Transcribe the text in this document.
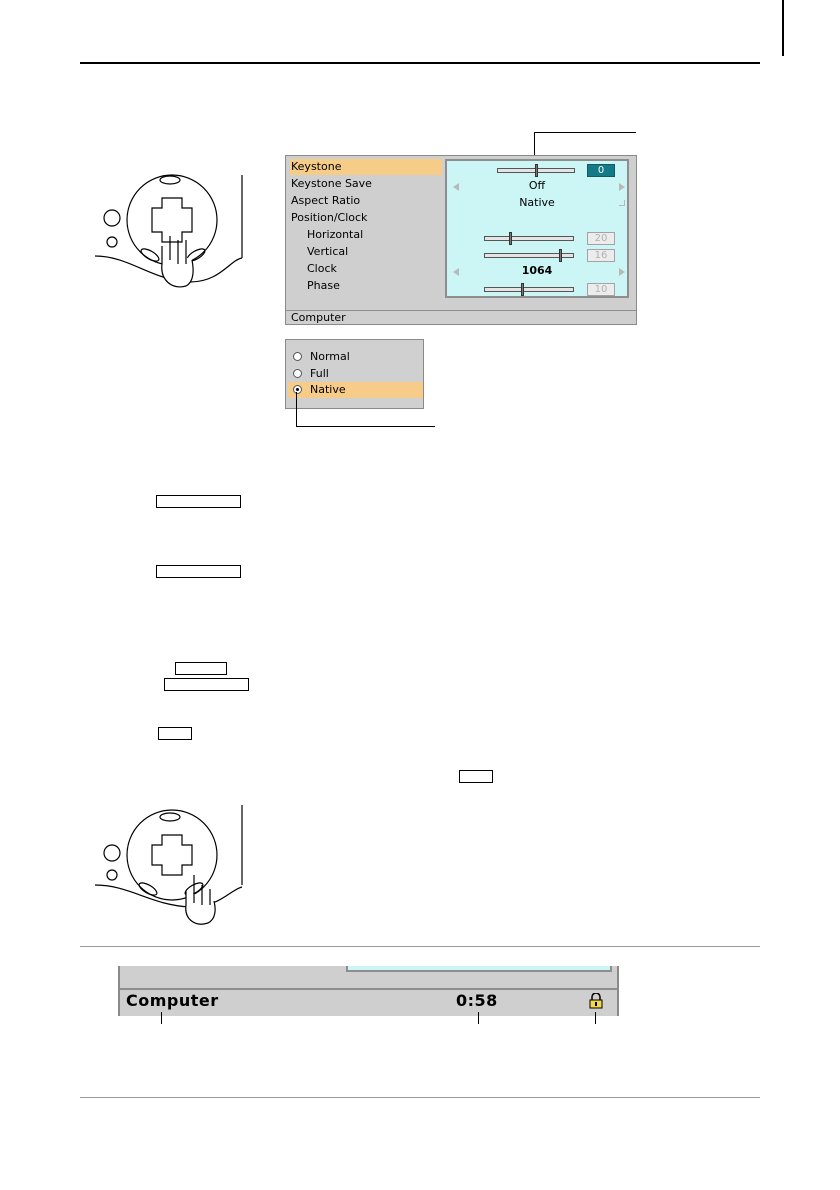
Keystone
Keystone Save
Aspect Ratio
Position/Clock
Horizontal
Vertical
Clock
Phase
0
Off
Native
20
16
1064
10
Computer
Normal
Full
Native
Computer	0:58
